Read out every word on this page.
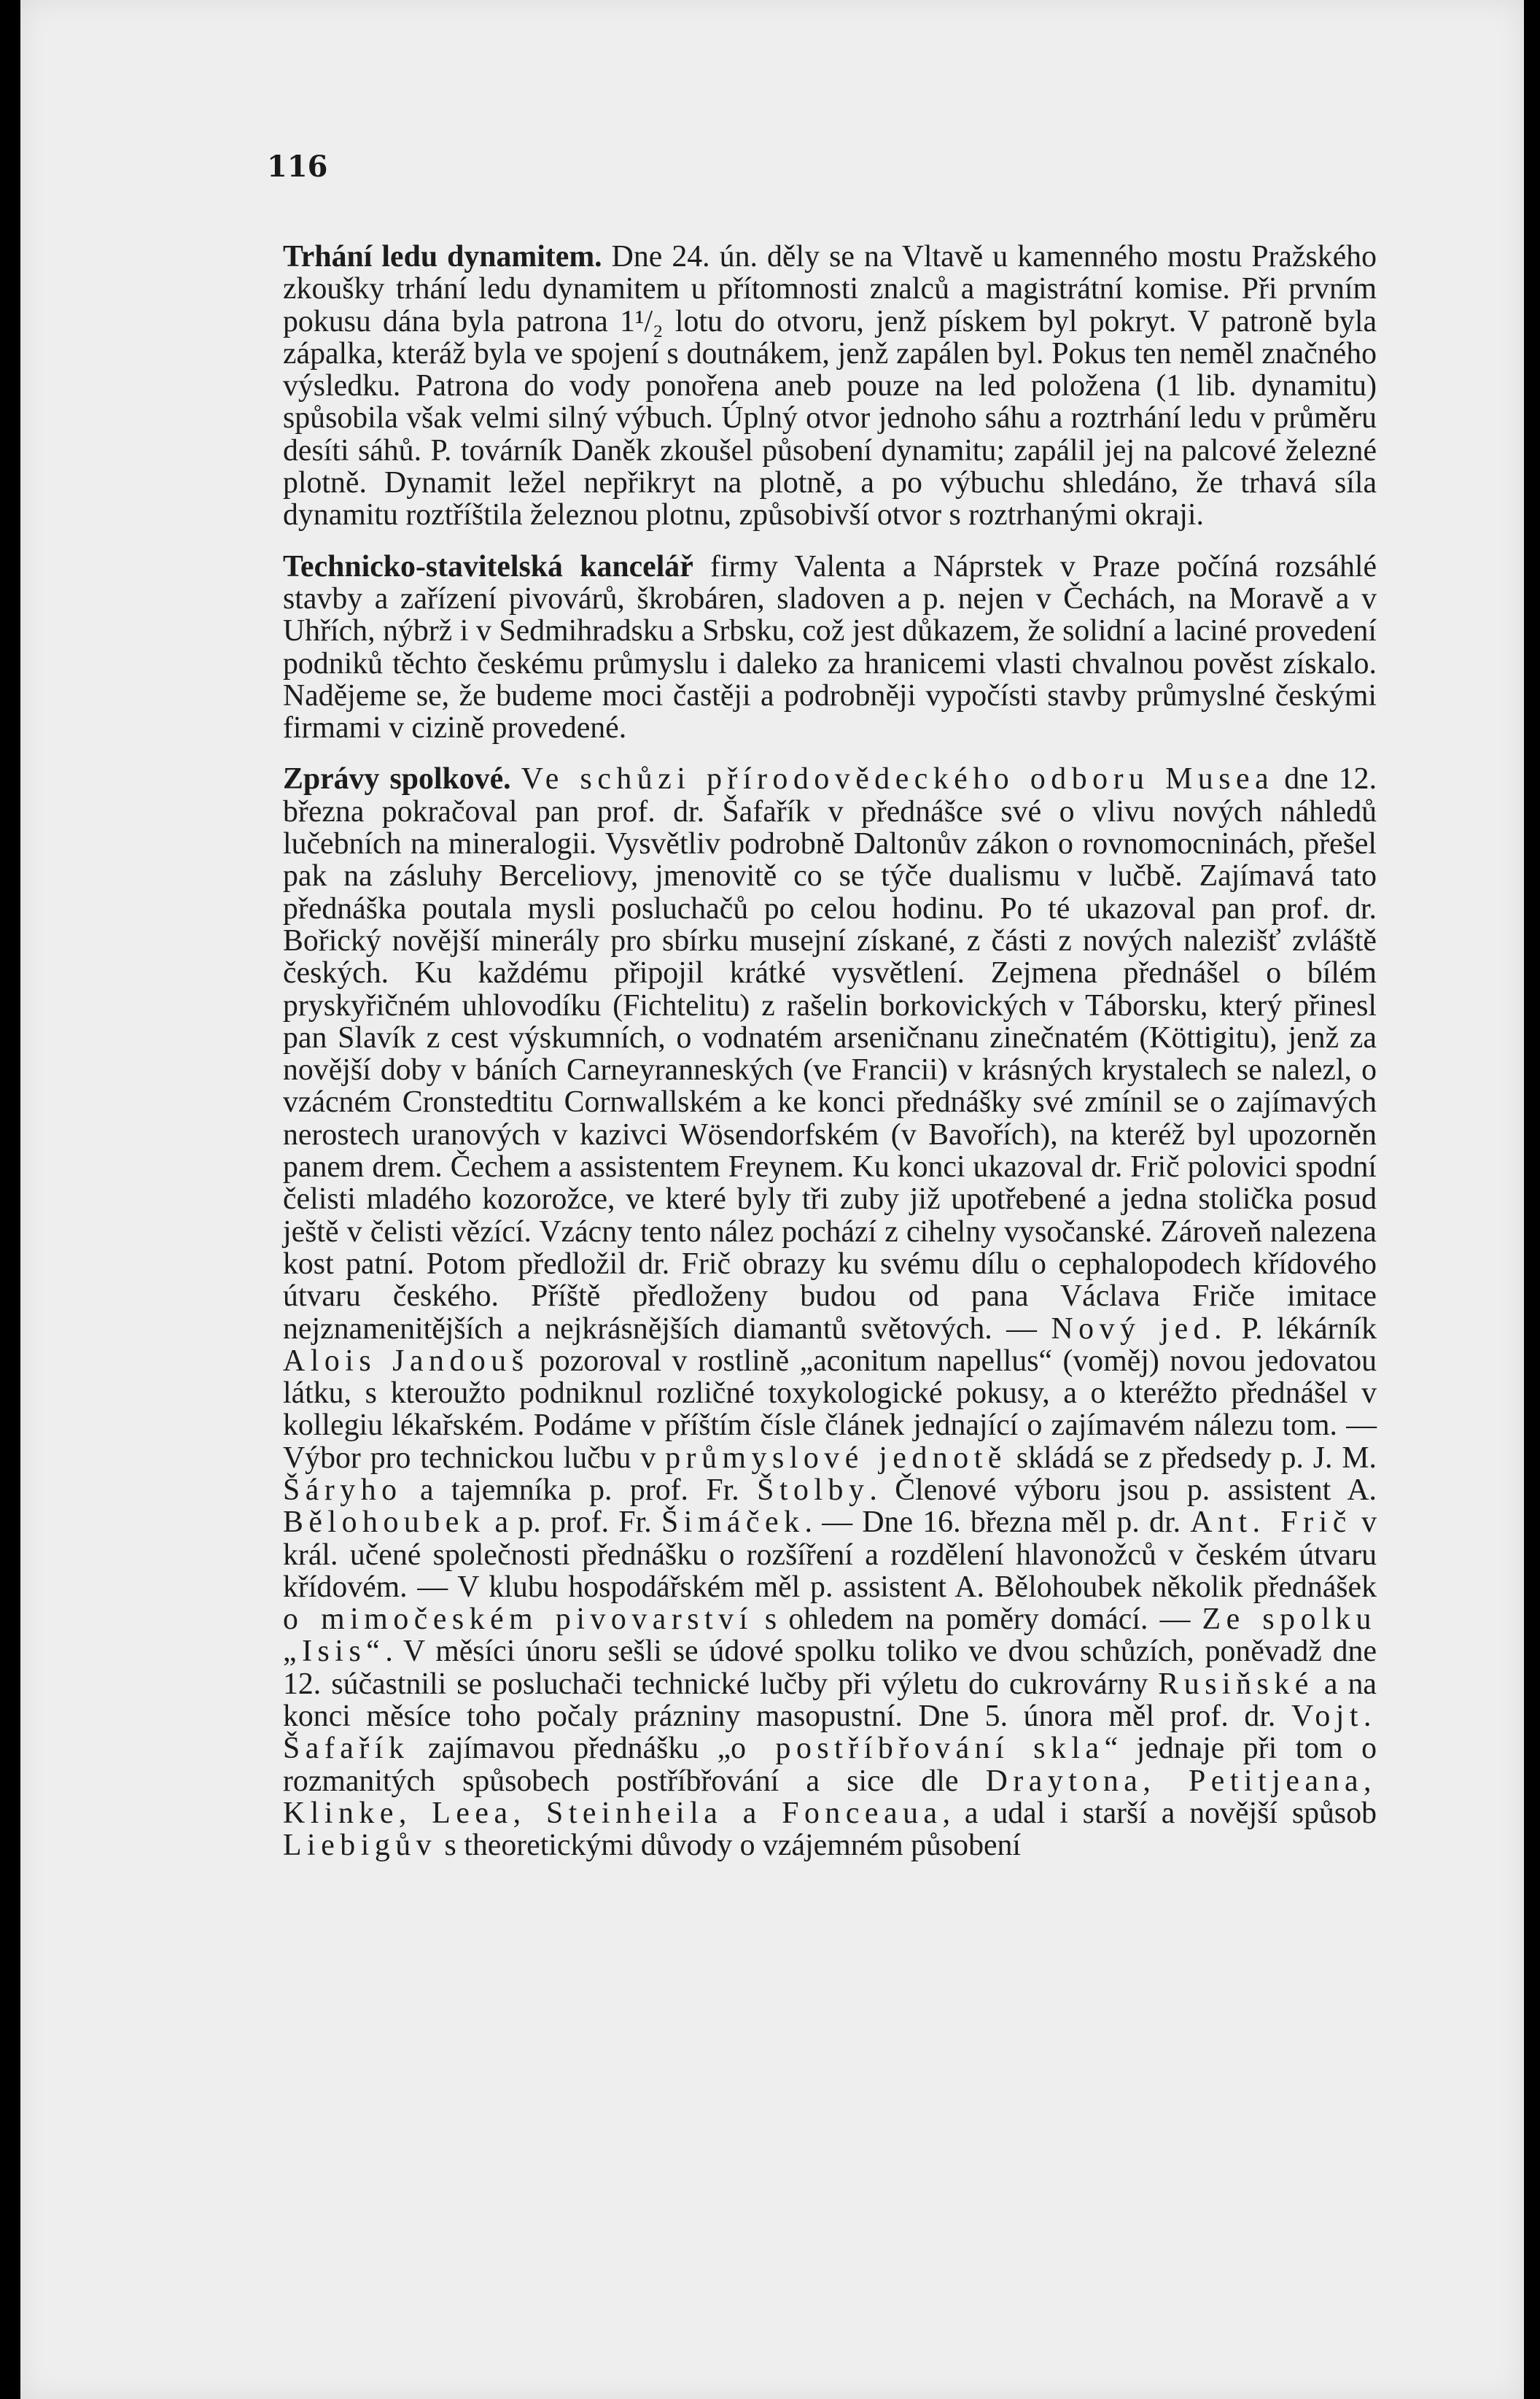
116

Trhání ledu dynamitem. Dne 24. ún. děly se na Vltavě u kamenného mostu Pražského zkoušky trhání ledu dynamitem u přítomnosti znalců a magistrátní komise. Při prvním pokusu dána byla patrona 1¹/₂ lotu do otvoru, jenž pískem byl pokryt. V patroně byla zápalka, kteráž byla ve spojení s doutnákem, jenž zapálen byl. Pokus ten neměl značného výsledku. Patrona do vody ponořena aneb pouze na led položena (1 lib. dynamitu) spůsobila však velmi silný výbuch. Úplný otvor jednoho sáhu a roztrhání ledu v průměru desíti sáhů. P. továrník Daněk zkoušel působení dynamitu; zapálil jej na palcové železné plotně. Dynamit ležel nepřikryt na plotně, a po výbuchu shledáno, že trhavá síla dynamitu roztříštila železnou plotnu, způsobivší otvor s roztrhanými okraji.

Technicko-stavitelská kancelář firmy Valenta a Náprstek v Praze počíná rozsáhlé stavby a zařízení pivovárů, škrobáren, sladoven a p. nejen v Čechách, na Moravě a v Uhřích, nýbrž i v Sedmihradsku a Srbsku, což jest důkazem, že solidní a laciné provedení podniků těchto českému průmyslu i daleko za hranicemi vlasti chvalnou pověst získalo. Nadějeme se, že budeme moci častěji a podrobněji vypočísti stavby průmyslné českými firmami v cizině provedené.

Zprávy spolkové. Ve schůzi přírodovědeckého odboru Musea dne 12. března pokračoval pan prof. dr. Šafařík v přednášce své o vlivu nových náhledů lučebních na mineralogii. Vysvětliv podrobně Daltonův zákon o rovnomocninách, přešel pak na zásluhy Berceliovy, jmenovitě co se týče dualismu v lučbě. Zajímavá tato přednáška poutala mysli posluchačů po celou hodinu. Po té ukazoval pan prof. dr. Bořický novější minerály pro sbírku musejní získané, z části z nových nalezišť zvláště českých. Ku každému připojil krátké vysvětlení. Zejmena přednášel o bílém pryskyřičném uhlovodíku (Fichtelitu) z rašelin borkovických v Táborsku, který přinesl pan Slavík z cest výskumních, o vodnatém arseničnanu zinečnatém (Köttigitu), jenž za novější doby v báních Carneyranneských (ve Francii) v krásných krystalech se nalezl, o vzácném Cronstedtitu Cornwallském a ke konci přednášky své zmínil se o zajímavých nerostech uranových v kazivci Wösendorfském (v Bavořích), na kteréž byl upozorněn panem drem. Čechem a assistentem Freynem. Ku konci ukazoval dr. Frič polovici spodní čelisti mladého kozorožce, ve které byly tři zuby již upotřebené a jedna stolička posud ještě v čelisti vězící. Vzácny tento nález pochází z cihelny vysočanské. Zároveň nalezena kost patní. Potom předložil dr. Frič obrazy ku svému dílu o cephalopodech křídového útvaru českého. Příště předloženy budou od pana Václava Friče imitace nejznamenitějších a nejkrásnějších diamantů světových. — Nový jed. P. lékárník Alois Jandouš pozoroval v rostlině „aconitum napellus“ (voměj) novou jedovatou látku, s kteroužto podniknul rozličné toxykologické pokusy, a o kteréžto přednášel v kollegiu lékařském. Podáme v příštím čísle článek jednající o zajímavém nálezu tom. — Výbor pro technickou lučbu v průmyslové jednotě skládá se z předsedy p. J. M. Šáryho a tajemníka p. prof. Fr. Štolby. Členové výboru jsou p. assistent A. Bělohoubek a p. prof. Fr. Šimáček. — Dne 16. března měl p. dr. Ant. Frič v král. učené společnosti přednášku o rozšíření a rozdělení hlavonožců v českém útvaru křídovém. — V klubu hospodářském měl p. assistent A. Bělohoubek několik přednášek o mimočeském pivovarství s ohledem na poměry domácí. — Ze spolku „Isis“. V měsíci únoru sešli se údové spolku toliko ve dvou schůzích, poněvadž dne 12. súčastnili se posluchači technické lučby při výletu do cukrovárny Rusiňské a na konci měsíce toho počaly prázniny masopustní. Dne 5. února měl prof. dr. Vojt. Šafařík zajímavou přednášku „o postříbřování skla“ jednaje při tom o rozmanitých spůsobech postříbřování a sice dle Draytona, Petitjeana, Klinke, Leea, Steinheila a Fonceaua, a udal i starší a novější spůsob Liebigův s theoretickými důvody o vzájemném působení
